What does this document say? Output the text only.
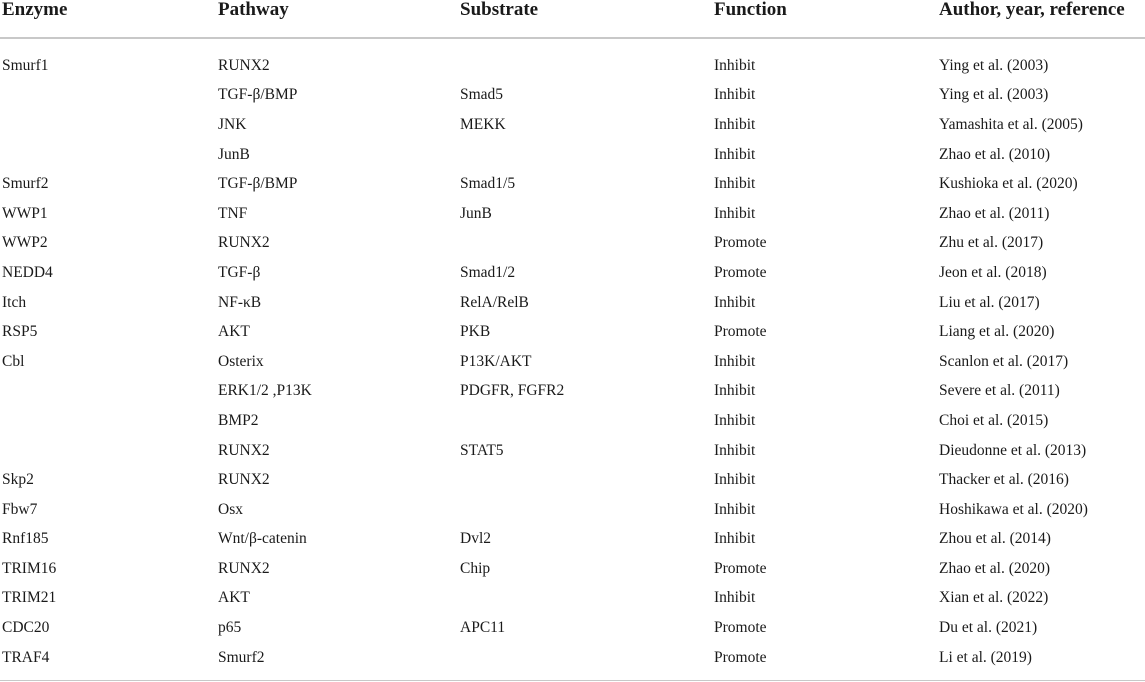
Enzyme	Pathway	Substrate	Function	Author, year, reference
Smurf1	RUNX2		Inhibit	Ying et al. (2003)
	TGF-β/BMP	Smad5	Inhibit	Ying et al. (2003)
	JNK	MEKK	Inhibit	Yamashita et al. (2005)
	JunB		Inhibit	Zhao et al. (2010)
Smurf2	TGF-β/BMP	Smad1/5	Inhibit	Kushioka et al. (2020)
WWP1	TNF	JunB	Inhibit	Zhao et al. (2011)
WWP2	RUNX2		Promote	Zhu et al. (2017)
NEDD4	TGF-β	Smad1/2	Promote	Jeon et al. (2018)
Itch	NF-κB	RelA/RelB	Inhibit	Liu et al. (2017)
RSP5	AKT	PKB	Promote	Liang et al. (2020)
Cbl	Osterix	P13K/AKT	Inhibit	Scanlon et al. (2017)
	ERK1/2 ,P13K	PDGFR, FGFR2	Inhibit	Severe et al. (2011)
	BMP2		Inhibit	Choi et al. (2015)
	RUNX2	STAT5	Inhibit	Dieudonne et al. (2013)
Skp2	RUNX2		Inhibit	Thacker et al. (2016)
Fbw7	Osx		Inhibit	Hoshikawa et al. (2020)
Rnf185	Wnt/β-catenin	Dvl2	Inhibit	Zhou et al. (2014)
TRIM16	RUNX2	Chip	Promote	Zhao et al. (2020)
TRIM21	AKT		Inhibit	Xian et al. (2022)
CDC20	p65	APC11	Promote	Du et al. (2021)
TRAF4	Smurf2		Promote	Li et al. (2019)
